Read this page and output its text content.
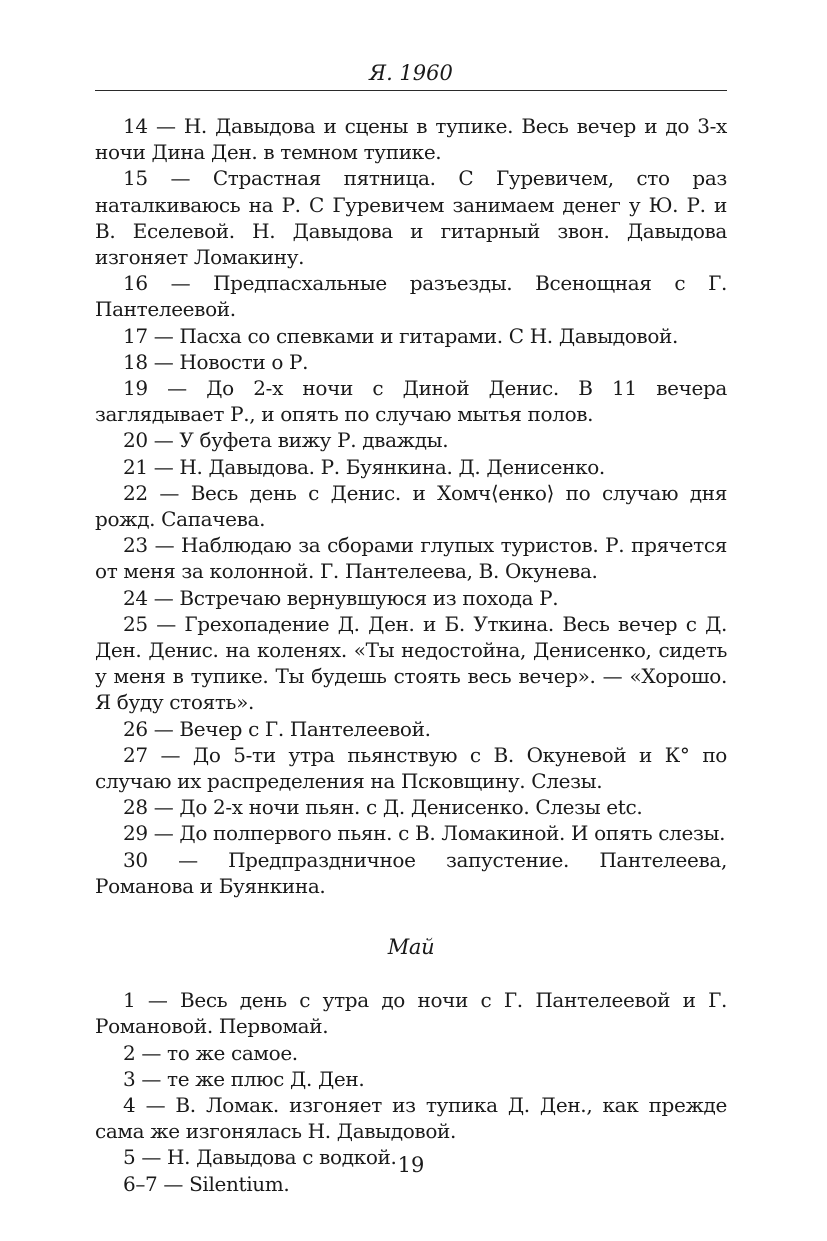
Я. 1960

14 — Н. Давыдова и сцены в тупике. Весь вечер и до 3-х ночи Дина Ден. в темном тупике.

15 — Страстная пятница. С Гуревичем, сто раз наталкиваюсь на Р. С Гуревичем занимаем денег у Ю. Р. и В. Еселевой. Н. Давыдова и гитарный звон. Давыдова изгоняет Ломакину.

16 — Предпасхальные разъезды. Всенощная с Г. Пантелеевой.

17 — Пасха со спевками и гитарами. С Н. Давыдовой.

18 — Новости о Р.

19 — До 2-х ночи с Диной Денис. В 11 вечера заглядывает Р., и опять по случаю мытья полов.

20 — У буфета вижу Р. дважды.

21 — Н. Давыдова. Р. Буянкина. Д. Денисенко.

22 — Весь день с Денис. и Хомч⟨енко⟩ по случаю дня рожд. Сапачева.

23 — Наблюдаю за сборами глупых туристов. Р. прячется от меня за колонной. Г. Пантелеева, В. Окунева.

24 — Встречаю вернувшуюся из похода Р.

25 — Грехопадение Д. Ден. и Б. Уткина. Весь вечер с Д. Ден. Денис. на коленях. «Ты недостойна, Денисенко, сидеть у меня в тупике. Ты будешь стоять весь вечер». — «Хорошо. Я буду стоять».

26 — Вечер с Г. Пантелеевой.

27 — До 5-ти утра пьянствую с В. Окуневой и К° по случаю их распределения на Псковщину. Слезы.

28 — До 2-х ночи пьян. с Д. Денисенко. Слезы etc.

29 — До полпервого пьян. с В. Ломакиной. И опять слезы.

30 — Предпраздничное запустение. Пантелеева, Романова и Буянкина.

Май

1 — Весь день с утра до ночи с Г. Пантелеевой и Г. Романовой. Первомай.

2 — то же самое.

3 — те же плюс Д. Ден.

4 — В. Ломак. изгоняет из тупика Д. Ден., как прежде сама же изгонялась Н. Давыдовой.

5 — Н. Давыдова с водкой.

6–7 — Silentium.

19
